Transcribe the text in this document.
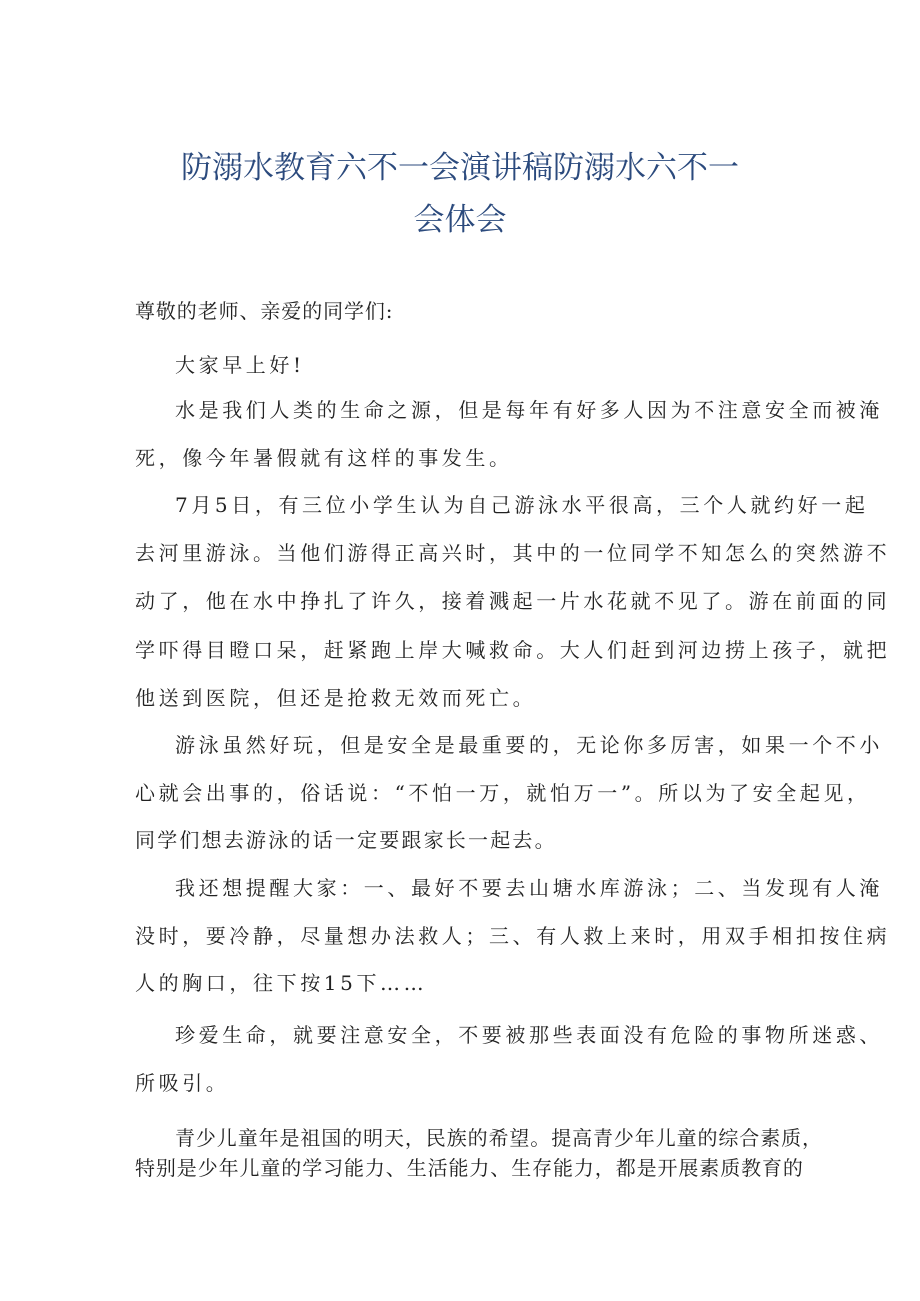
防溺水教育六不一会演讲稿防溺水六不一
会体会

尊敬的老师、亲爱的同学们:

大家早上好!

水是我们人类的生命之源，但是每年有好多人因为不注意安全而被淹

死，像今年暑假就有这样的事发生。

7月5日，有三位小学生认为自己游泳水平很高，三个人就约好一起

去河里游泳。当他们游得正高兴时，其中的一位同学不知怎么的突然游不

动了，他在水中挣扎了许久，接着溅起一片水花就不见了。游在前面的同

学吓得目瞪口呆，赶紧跑上岸大喊救命。大人们赶到河边捞上孩子，就把

他送到医院，但还是抢救无效而死亡。

游泳虽然好玩，但是安全是最重要的，无论你多厉害，如果一个不小

心就会出事的，俗话说：“不怕一万，就怕万一”。所以为了安全起见，

同学们想去游泳的话一定要跟家长一起去。

我还想提醒大家：一、最好不要去山塘水库游泳；二、当发现有人淹

没时，要冷静，尽量想办法救人；三、有人救上来时，用双手相扣按住病

人的胸口，往下按15下……

珍爱生命，就要注意安全，不要被那些表面没有危险的事物所迷惑、

所吸引。

青少儿童年是祖国的明天，民族的希望。提高青少年儿童的综合素质，

特别是少年儿童的学习能力、生活能力、生存能力，都是开展素质教育的
